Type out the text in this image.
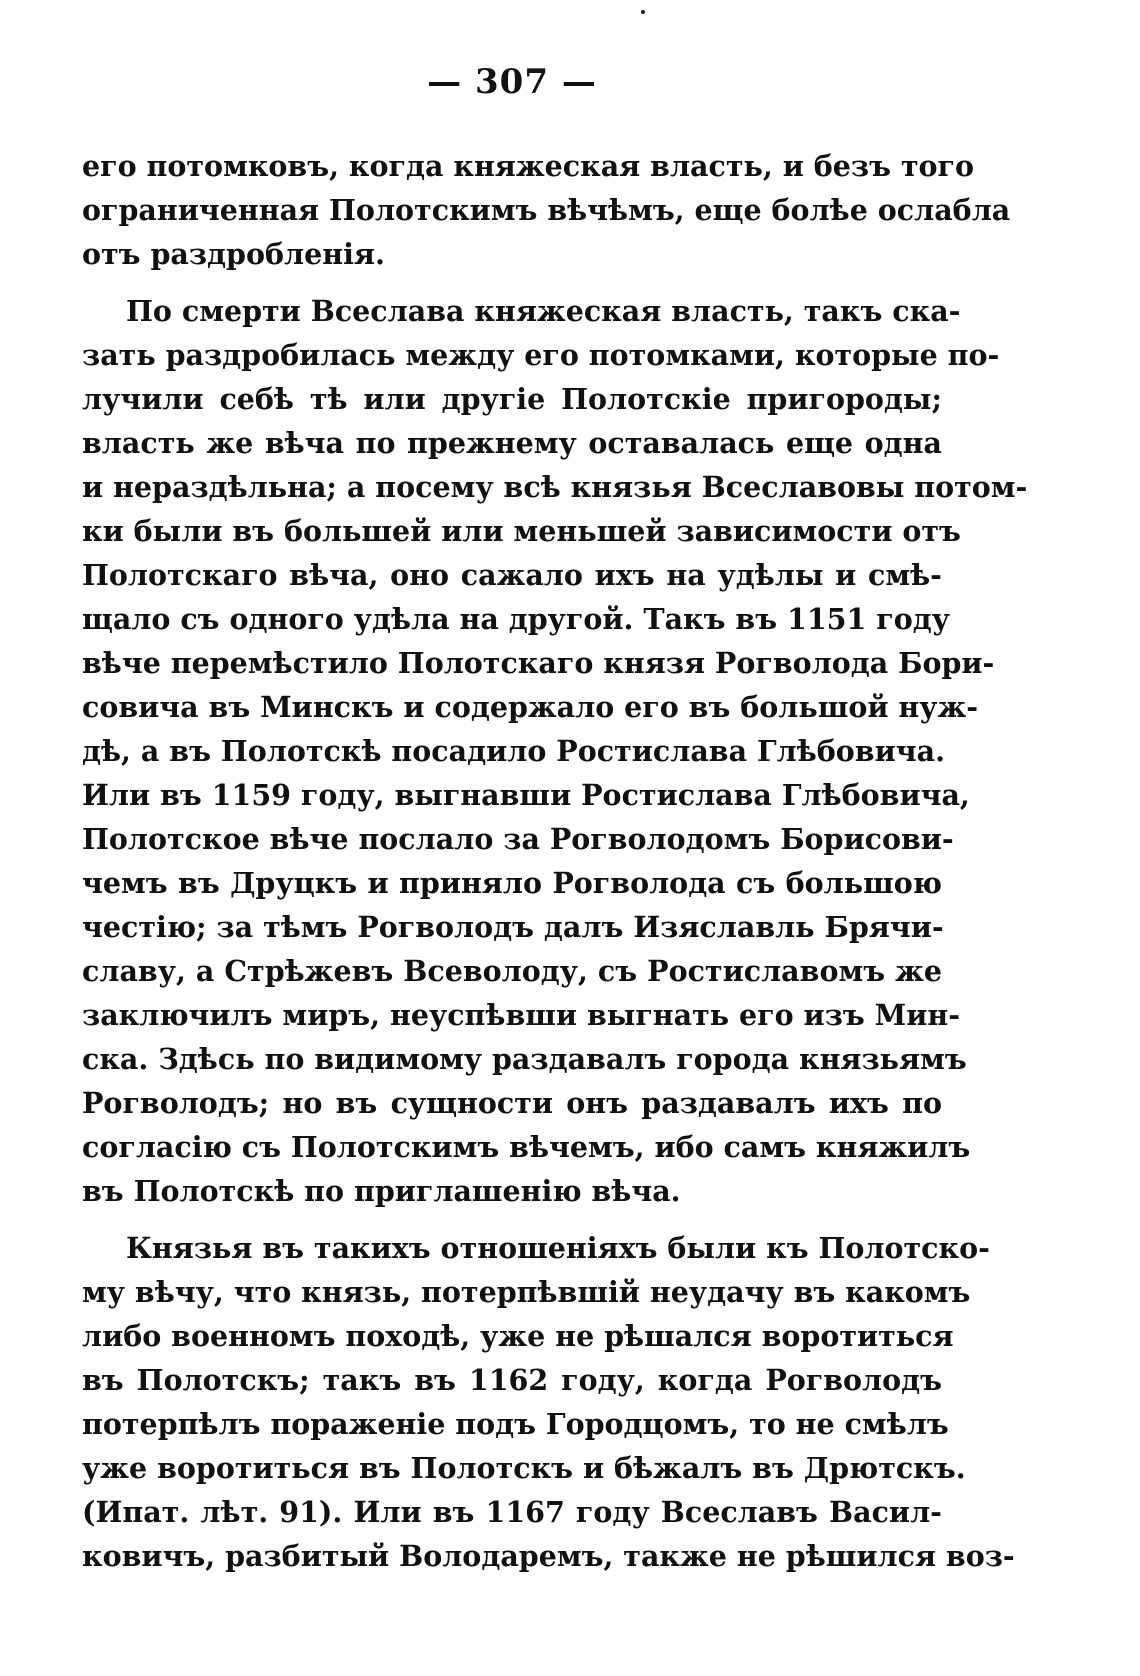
— 307 —
его потомковъ, когда княжеская власть, и безъ того
ограниченная Полотскимъ вѣчѣмъ, еще болѣе ослабла
отъ раздробленія.
По смерти Всеслава княжеская власть, такъ ска-
зать раздробилась между его потомками, которые по-
лучили себѣ тѣ или другіе Полотскіе пригороды;
власть же вѣча по прежнему оставалась еще одна
и нераздѣльна; а посему всѣ князья Всеславовы потом-
ки были въ большей или меньшей зависимости отъ
Полотскаго вѣча, оно сажало ихъ на удѣлы и смѣ-
щало съ одного удѣла на другой. Такъ въ 1151 году
вѣче перемѣстило Полотскаго князя Рогволода Бори-
совича въ Минскъ и содержало его въ большой нуж-
дѣ, а въ Полотскѣ посадило Ростислава Глѣбовича.
Или въ 1159 году, выгнавши Ростислава Глѣбовича,
Полотское вѣче послало за Рогволодомъ Борисови-
чемъ въ Друцкъ и приняло Рогволода съ большою
честію; за тѣмъ Рогволодъ далъ Изяславль Брячи-
славу, а Стрѣжевъ Всеволоду, съ Ростиславомъ же
заключилъ миръ, неуспѣвши выгнать его изъ Мин-
ска. Здѣсь по видимому раздавалъ города князьямъ
Рогволодъ; но въ сущности онъ раздавалъ ихъ по
согласію съ Полотскимъ вѣчемъ, ибо самъ княжилъ
въ Полотскѣ по приглашенію вѣча.
Князья въ такихъ отношеніяхъ были къ Полотско-
му вѣчу, что князь, потерпѣвшій неудачу въ какомъ
либо военномъ походѣ, уже не рѣшался воротиться
въ Полотскъ; такъ въ 1162 году, когда Рогволодъ
потерпѣлъ пораженіе подъ Городцомъ, то не смѣлъ
уже воротиться въ Полотскъ и бѣжалъ въ Дрютскъ.
(Ипат. лѣт. 91). Или въ 1167 году Всеславъ Васил-
ковичъ, разбитый Володаремъ, также не рѣшился воз-
